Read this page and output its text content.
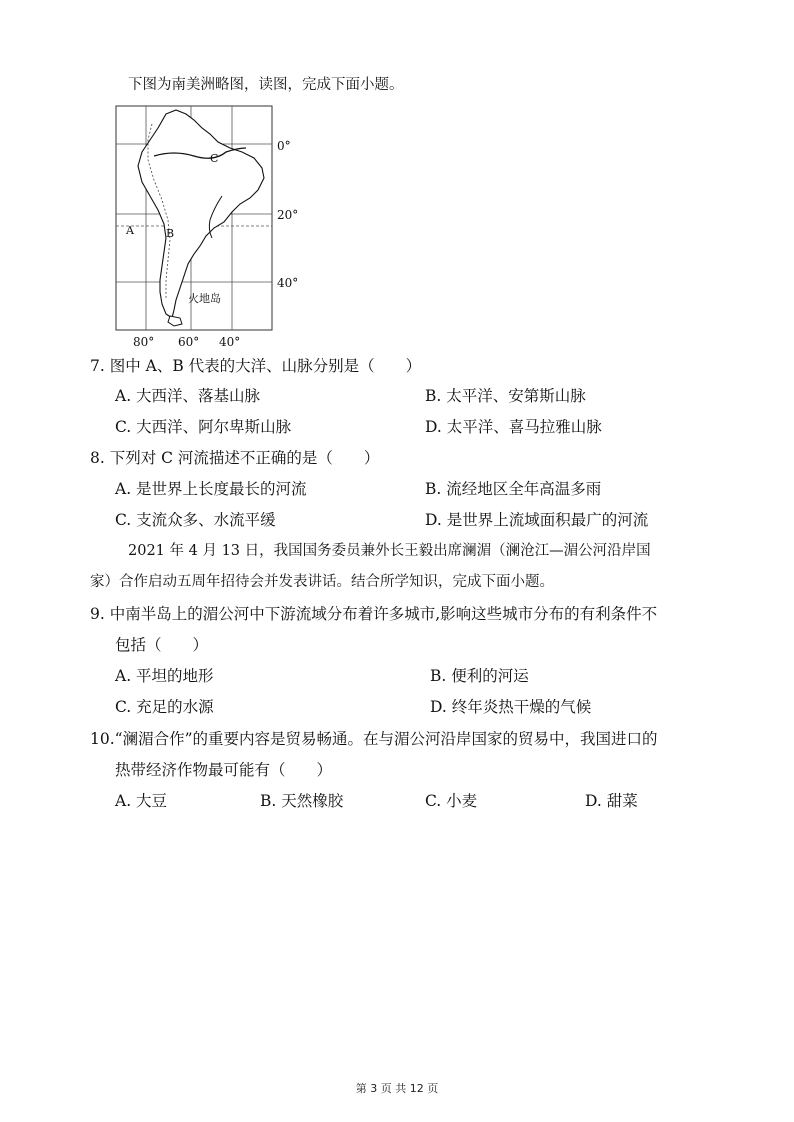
下图为南美洲略图，读图，完成下面小题。
C
A	B
火地岛
0°
20°
40°
80° 60° 40°
7. 图中 A、B 代表的大洋、山脉分别是（　　）
A. 大西洋、落基山脉	B. 太平洋、安第斯山脉
C. 大西洋、阿尔卑斯山脉	D. 太平洋、喜马拉雅山脉
8. 下列对 C 河流描述不正确的是（　　）
A. 是世界上长度最长的河流	B. 流经地区全年高温多雨
C. 支流众多、水流平缓	D. 是世界上流域面积最广的河流
2021 年 4 月 13 日，我国国务委员兼外长王毅出席澜湄（澜沧江—湄公河沿岸国
家）合作启动五周年招待会并发表讲话。结合所学知识，完成下面小题。
9. 中南半岛上的湄公河中下游流域分布着许多城市,影响这些城市分布的有利条件不
包括（　　）
A. 平坦的地形	B. 便利的河运
C. 充足的水源	D. 终年炎热干燥的气候
10.“澜湄合作”的重要内容是贸易畅通。在与湄公河沿岸国家的贸易中，我国进口的
热带经济作物最可能有（　　）
A. 大豆	B. 天然橡胶	C. 小麦	D. 甜菜
第 3 页 共 12 页
